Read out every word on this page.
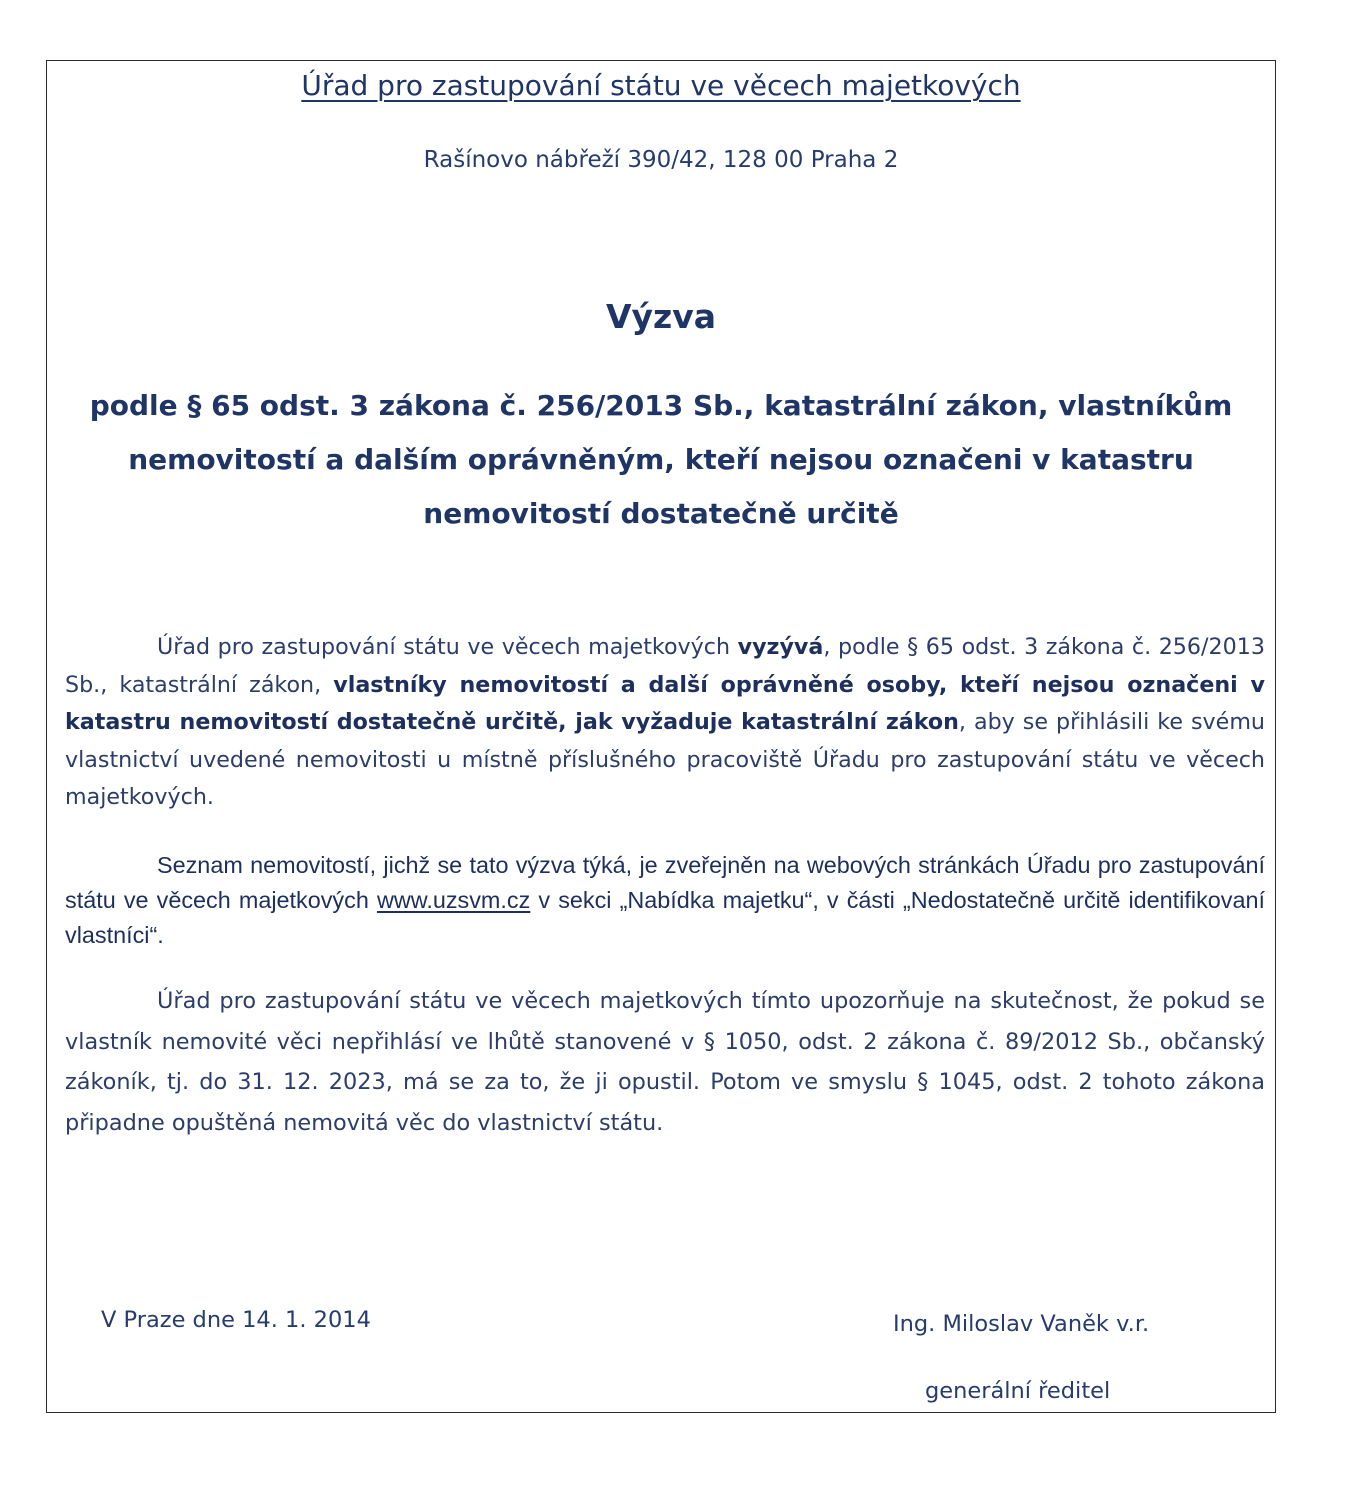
Úřad pro zastupování státu ve věcech majetkových
Rašínovo nábřeží 390/42, 128 00 Praha 2
Výzva
podle § 65 odst. 3 zákona č. 256/2013 Sb., katastrální zákon, vlastníkům nemovitostí a dalším oprávněným, kteří nejsou označeni v katastru nemovitostí dostatečně určitě
Úřad pro zastupování státu ve věcech majetkových vyzývá, podle § 65 odst. 3 zákona č. 256/2013 Sb., katastrální zákon, vlastníky nemovitostí a další oprávněné osoby, kteří nejsou označeni v katastru nemovitostí dostatečně určitě, jak vyžaduje katastrální zákon, aby se přihlásili ke svému vlastnictví uvedené nemovitosti u místně příslušného pracoviště Úřadu pro zastupování státu ve věcech majetkových.
Seznam nemovitostí, jichž se tato výzva týká, je zveřejněn na webových stránkách Úřadu pro zastupování státu ve věcech majetkových www.uzsvm.cz v sekci „Nabídka majetku“, v části „Nedostatečně určitě identifikovaní vlastníci“.
Úřad pro zastupování státu ve věcech majetkových tímto upozorňuje na skutečnost, že pokud se vlastník nemovité věci nepřihlásí ve lhůtě stanovené v § 1050, odst. 2 zákona č. 89/2012 Sb., občanský zákoník, tj. do 31. 12. 2023, má se za to, že ji opustil. Potom ve smyslu § 1045, odst. 2 tohoto zákona připadne opuštěná nemovitá věc do vlastnictví státu.
V Praze dne 14. 1. 2014	Ing. Miloslav Vaněk v.r.
generální ředitel
